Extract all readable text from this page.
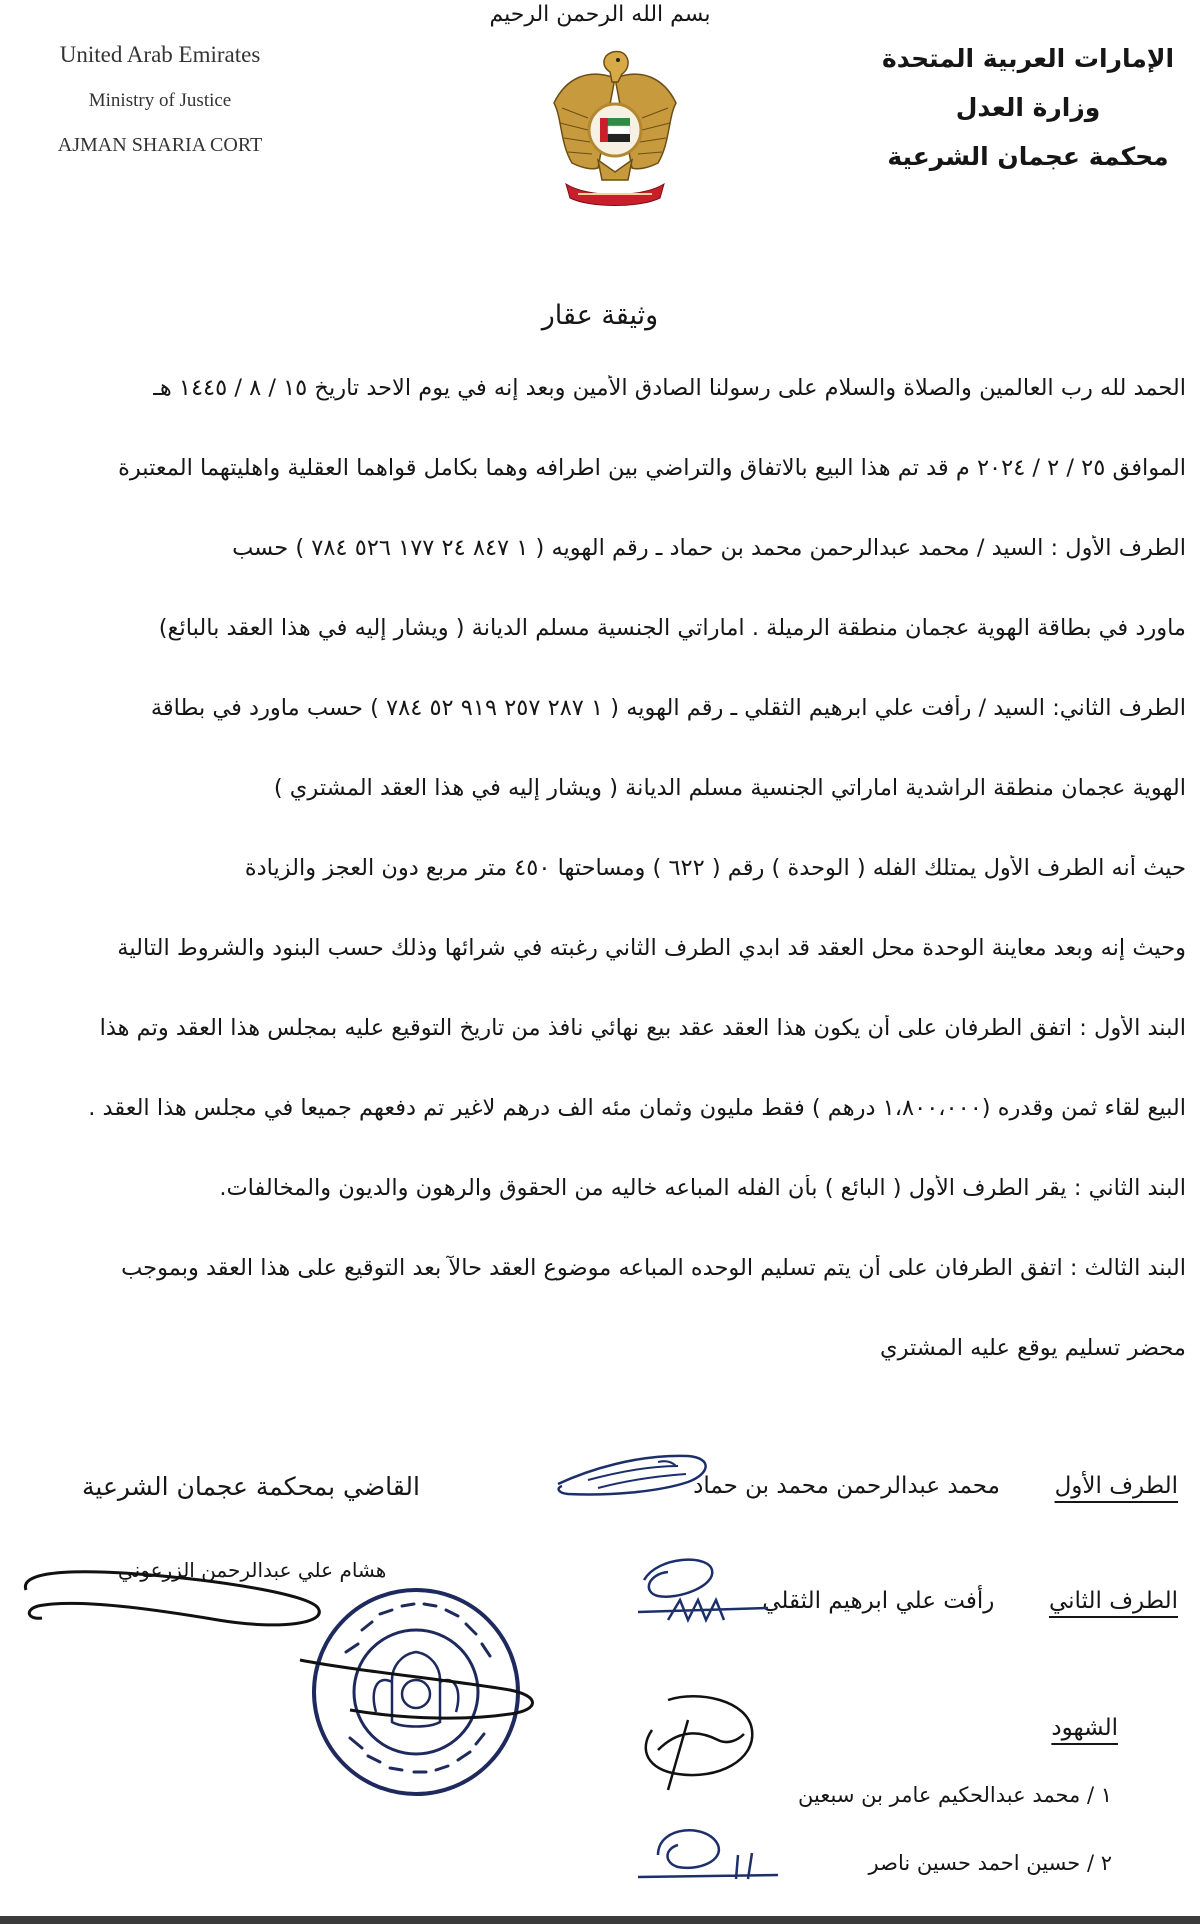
بسم الله الرحمن الرحيم
United Arab Emirates
Ministry of Justice
AJMAN SHARIA CORT
الإمارات العربية المتحدة
وزارة العدل
محكمة عجمان الشرعية
وثيقة عقار
الحمد لله رب العالمين والصلاة والسلام على رسولنا الصادق الأمين وبعد إنه في يوم الاحد تاريخ ١٥ / ٨ / ١٤٤٥ هـ
الموافق ٢٥ / ٢ / ٢٠٢٤ م قد تم هذا البيع بالاتفاق والتراضي بين اطرافه وهما بكامل قواهما العقلية واهليتهما المعتبرة
الطرف الأول : السيد / محمد عبدالرحمن محمد بن حماد ـ رقم الهويه ( ١ ٨٤٧ ٢٤ ١٧٧ ٥٢٦ ٧٨٤ ) حسب
ماورد في بطاقة الهوية عجمان منطقة الرميلة . اماراتي الجنسية مسلم الديانة ( ويشار إليه في هذا العقد بالبائع)
الطرف الثاني: السيد / رأفت علي ابرهيم الثقلي ـ رقم الهويه ( ١ ٢٨٧ ٢٥٧ ٩١٩ ٥٢ ٧٨٤ ) حسب ماورد في بطاقة
الهوية عجمان منطقة الراشدية اماراتي الجنسية مسلم الديانة ( ويشار إليه في هذا العقد المشتري )
حيث أنه الطرف الأول يمتلك الفله ( الوحدة ) رقم ( ٦٢٢ ) ومساحتها ٤٥٠ متر مربع دون العجز والزيادة
وحيث إنه وبعد معاينة الوحدة محل العقد قد ابدي الطرف الثاني رغبته في شرائها وذلك حسب البنود والشروط التالية
البند الأول : اتفق الطرفان على أن يكون هذا العقد عقد بيع نهائي نافذ من تاريخ التوقيع عليه بمجلس هذا العقد وتم هذا
البيع لقاء ثمن وقدره (١،٨٠٠،٠٠٠ درهم ) فقط مليون وثمان مئه الف درهم لاغير تم دفعهم جميعا في مجلس هذا العقد .
البند الثاني : يقر الطرف الأول ( البائع ) بأن الفله المباعه خاليه من الحقوق والرهون والديون والمخالفات.
البند الثالث : اتفق الطرفان على أن يتم تسليم الوحده المباعه موضوع العقد حالآ بعد التوقيع على هذا العقد وبموجب
محضر تسليم يوقع عليه المشتري
الطرف الأول  محمد عبدالرحمن محمد بن حماد
القاضي بمحكمة عجمان الشرعية
هشام علي عبدالرحمن الزرعوني
الطرف الثاني  رأفت علي ابرهيم الثقلي
الشهود
١ / محمد عبدالحكيم عامر بن سبعين
٢ / حسين احمد حسين ناصر
